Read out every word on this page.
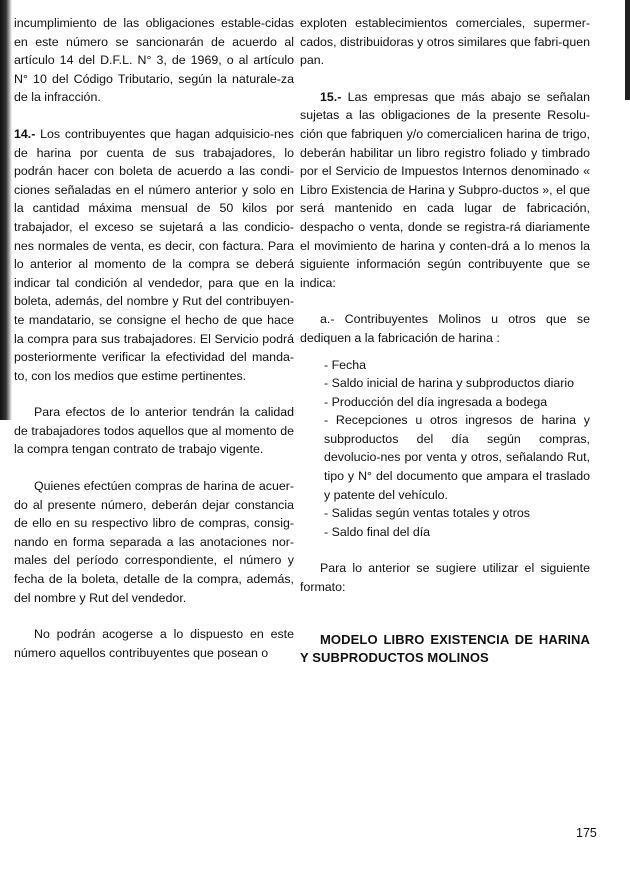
incumplimiento de las obligaciones estable-cidas en este número se sancionarán de acuerdo al artículo 14 del D.F.L. N° 3, de 1969, o al artículo N° 10 del Código Tributario, según la naturale-za de la infracción.

14.- Los contribuyentes que hagan adquisicio-nes de harina por cuenta de sus trabajadores, lo podrán hacer con boleta de acuerdo a las condi-ciones señaladas en el número anterior y solo en la cantidad máxima mensual de 50 kilos por trabajador, el exceso se sujetará a las condicio-nes normales de venta, es decir, con factura. Para lo anterior al momento de la compra se deberá indicar tal condición al vendedor, para que en la boleta, además, del nombre y Rut del contribuyen-te mandatario, se consigne el hecho de que hace la compra para sus trabajadores. El Servicio podrá posteriormente verificar la efectividad del manda-to, con los medios que estime pertinentes.

Para efectos de lo anterior tendrán la calidad de trabajadores todos aquellos que al momento de la compra tengan contrato de trabajo vigente.

Quienes efectúen compras de harina de acuer-do al presente número, deberán dejar constancia de ello en su respectivo libro de compras, consig-nando en forma separada a las anotaciones nor-males del período correspondiente, el número y fecha de la boleta, detalle de la compra, además, del nombre y Rut del vendedor.

No podrán acogerse a lo dispuesto en este número aquellos contribuyentes que posean o

exploten establecimientos comerciales, supermer-cados, distribuidoras y otros similares que fabri-quen pan.

15.- Las empresas que más abajo se señalan sujetas a las obligaciones de la presente Resolu-ción que fabriquen y/o comercialicen harina de trigo, deberán habilitar un libro registro foliado y timbrado por el Servicio de Impuestos Internos denominado « Libro Existencia de Harina y Subpro-ductos », el que será mantenido en cada lugar de fabricación, despacho o venta, donde se registra-rá diariamente el movimiento de harina y conten-drá a lo menos la siguiente información según contribuyente que se indica:

a.- Contribuyentes Molinos u otros que se dediquen a la fabricación de harina :

- Fecha

- Saldo inicial de harina y subproductos diario

- Producción del día ingresada a bodega

- Recepciones u otros ingresos de harina y subproductos del día según compras, devolucio-nes por venta y otros, señalando Rut, tipo y N° del documento que ampara el traslado y patente del vehículo.

- Salidas según ventas totales y otros

- Saldo final del día

Para lo anterior se sugiere utilizar el siguiente formato:

MODELO LIBRO EXISTENCIA DE HARINA Y SUBPRODUCTOS MOLINOS

175
